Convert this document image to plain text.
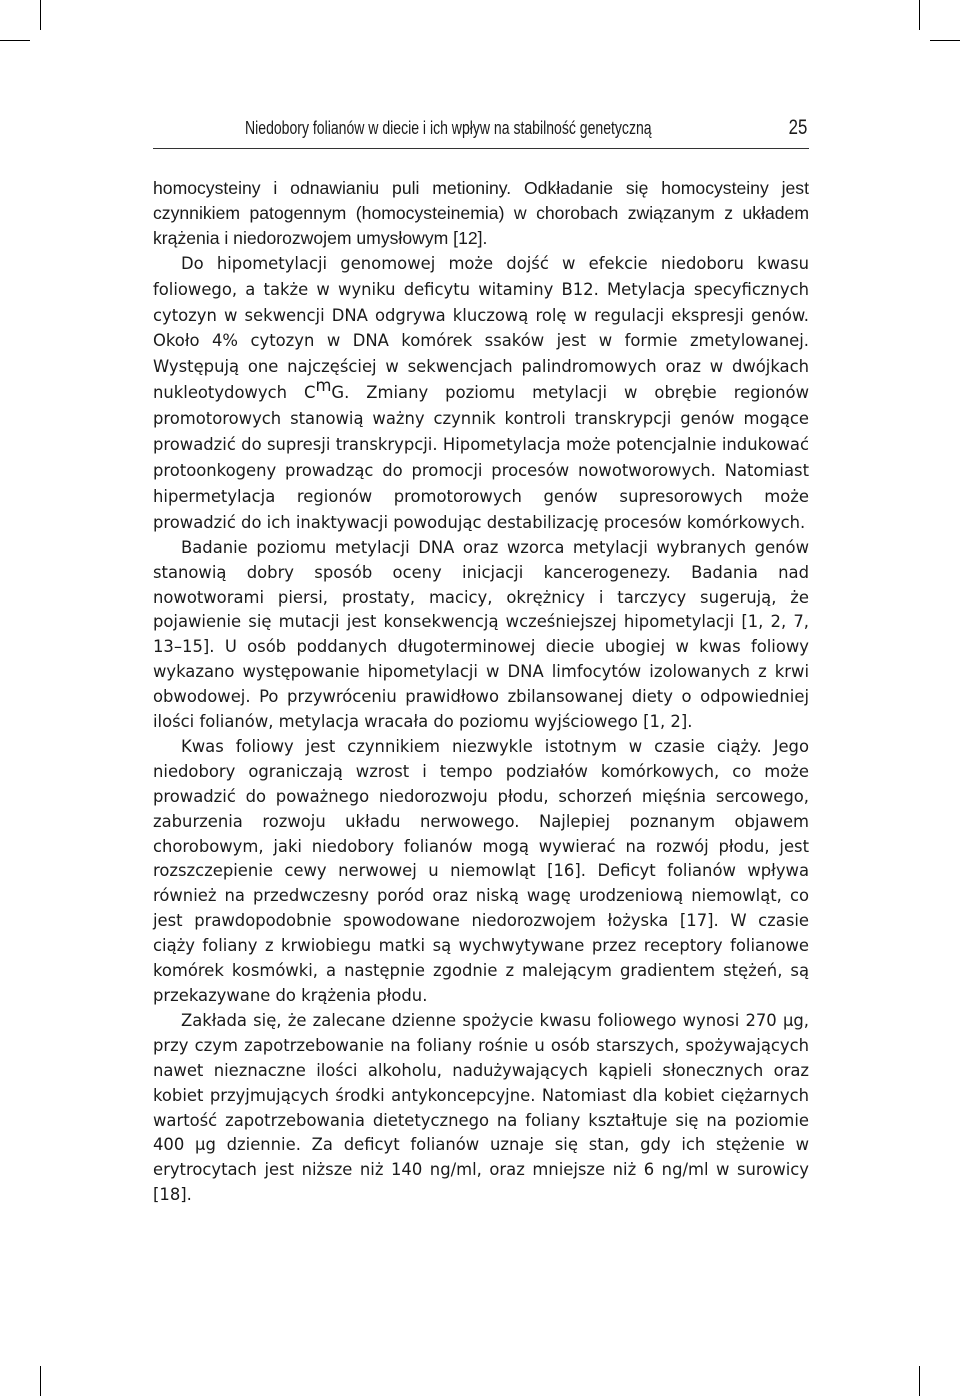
Niedobory folianów w diecie i ich wpływ na stabilność genetyczną	25

homocysteiny i odnawianiu puli metioniny. Odkładanie się homocysteiny jest czynnikiem patogennym (homocysteinemia) w chorobach związanym z układem krążenia i niedorozwojem umysłowym [12].

Do hipometylacji genomowej może dojść w efekcie niedoboru kwasu foliowego, a także w wyniku deficytu witaminy B12. Metylacja specyficznych cytozyn w sekwencji DNA odgrywa kluczową rolę w regulacji ekspresji genów. Około 4% cytozyn w DNA komórek ssaków jest w formie zmetylowanej. Występują one najczęściej w sekwencjach palindromowych oraz w dwójkach nukleotydowych $C^mG$. Zmiany poziomu metylacji w obrębie regionów promotorowych stanowią ważny czynnik kontroli transkrypcji genów mogące prowadzić do supresji transkrypcji. Hipometylacja może potencjalnie indukować protoonkogeny prowadząc do promocji procesów nowotworowych. Natomiast hipermetylacja regionów promotorowych genów supresorowych może prowadzić do ich inaktywacji powodując destabilizację procesów komórkowych.

Badanie poziomu metylacji DNA oraz wzorca metylacji wybranych genów stanowią dobry sposób oceny inicjacji kancerogenezy. Badania nad nowotworami piersi, prostaty, macicy, okrężnicy i tarczycy sugerują, że pojawienie się mutacji jest konsekwencją wcześniejszej hipometylacji [1, 2, 7, 13–15]. U osób poddanych długoterminowej diecie ubogiej w kwas foliowy wykazano występowanie hipometylacji w DNA limfocytów izolowanych z krwi obwodowej. Po przywróceniu prawidłowo zbilansowanej diety o odpowiedniej ilości folianów, metylacja wracała do poziomu wyjściowego [1, 2].

Kwas foliowy jest czynnikiem niezwykle istotnym w czasie ciąży. Jego niedobory ograniczają wzrost i tempo podziałów komórkowych, co może prowadzić do poważnego niedorozwoju płodu, schorzeń mięśnia sercowego, zaburzenia rozwoju układu nerwowego. Najlepiej poznanym objawem chorobowym, jaki niedobory folianów mogą wywierać na rozwój płodu, jest rozszczepienie cewy nerwowej u niemowląt [16]. Deficyt folianów wpływa również na przedwczesny poród oraz niską wagę urodzeniową niemowląt, co jest prawdopodobnie spowodowane niedorozwojem łożyska [17]. W czasie ciąży foliany z krwiobiegu matki są wychwytywane przez receptory folianowe komórek kosmówki, a następnie zgodnie z malejącym gradientem stężeń, są przekazywane do krążenia płodu.

Zakłada się, że zalecane dzienne spożycie kwasu foliowego wynosi 270 µg, przy czym zapotrzebowanie na foliany rośnie u osób starszych, spożywających nawet nieznaczne ilości alkoholu, nadużywających kąpieli słonecznych oraz kobiet przyjmujących środki antykoncepcyjne. Natomiast dla kobiet ciężarnych wartość zapotrzebowania dietetycznego na foliany kształtuje się na poziomie 400 µg dziennie. Za deficyt folianów uznaje się stan, gdy ich stężenie w erytrocytach jest niższe niż 140 ng/ml, oraz mniejsze niż 6 ng/ml w surowicy [18].
